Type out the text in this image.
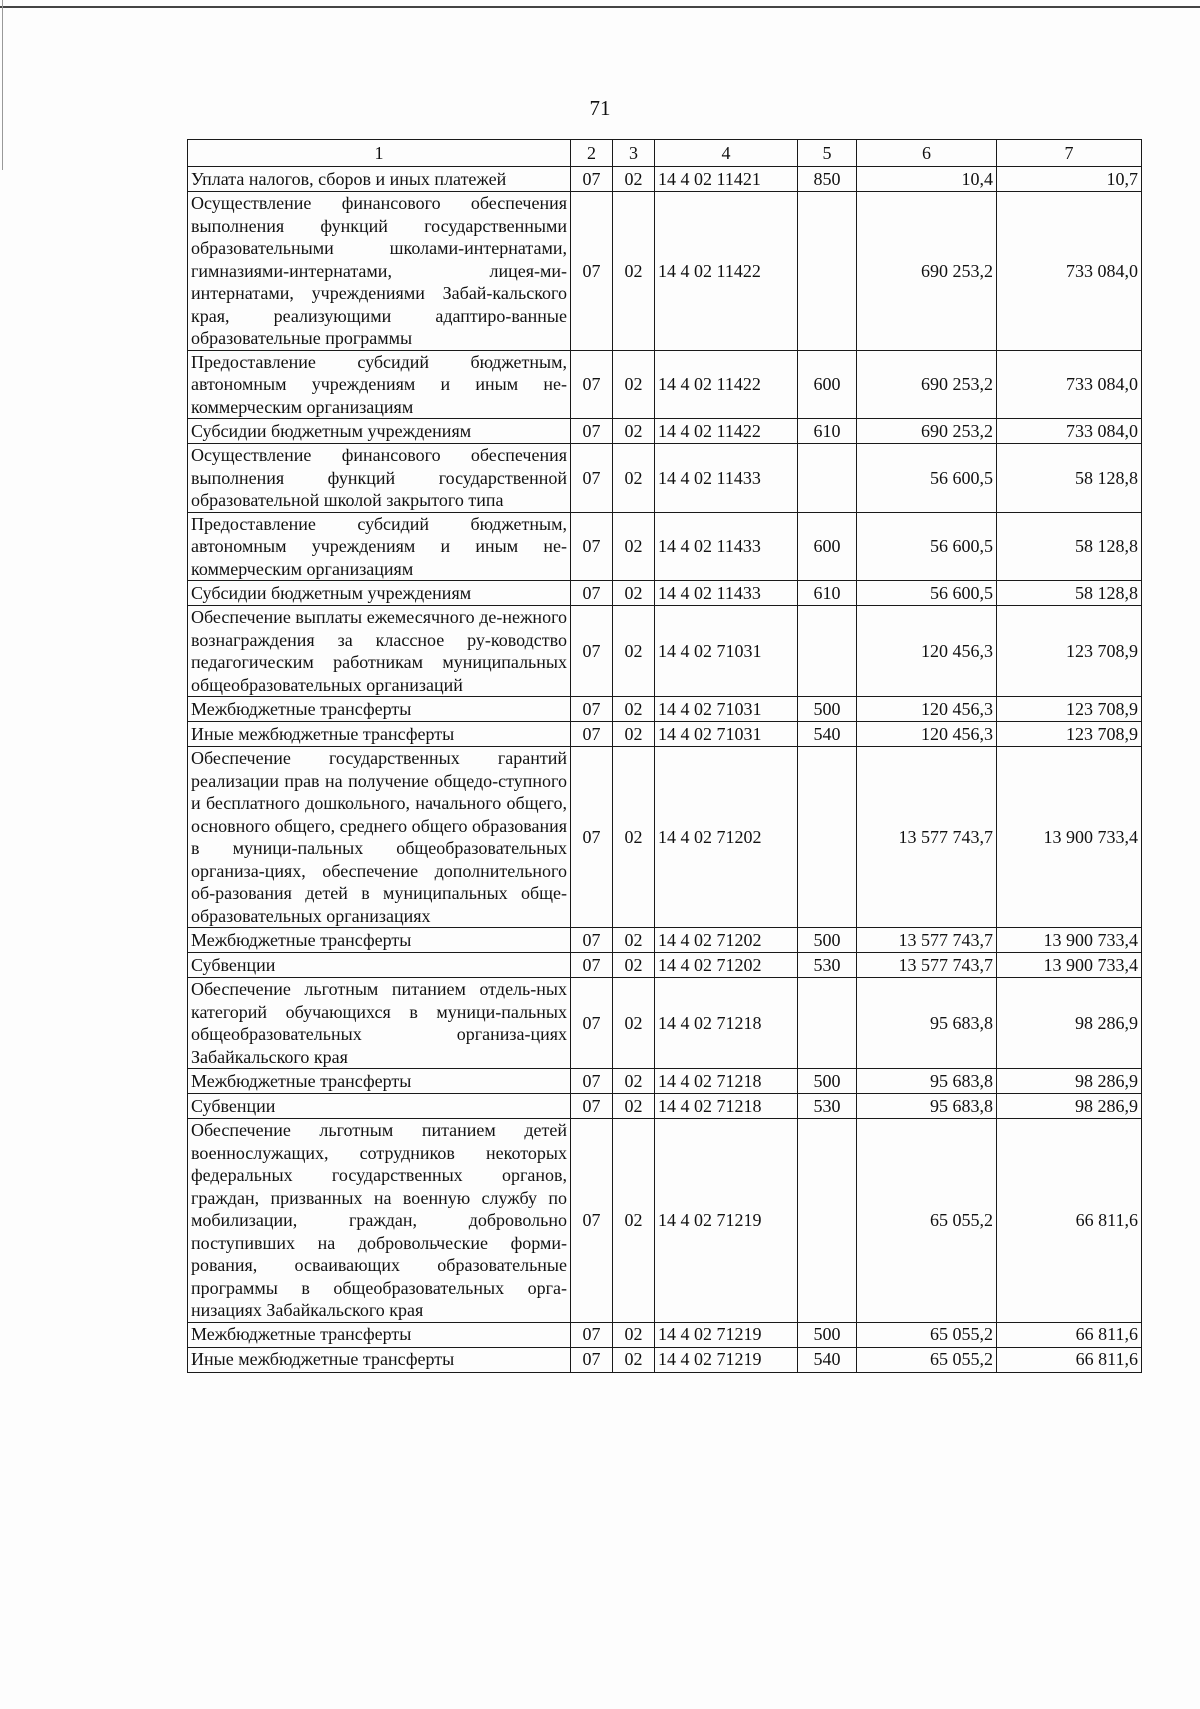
71
1	2	3	4	5	6	7
Уплата налогов, сборов и иных платежей	07	02	14 4 02 11421	850	10,4	10,7
Осуществление финансового обеспечения выполнения функций государственными образовательными школами-интернатами, гимназиями-интернатами, лицея-ми-интернатами, учреждениями Забай-кальского края, реализующими адаптиро-ванные образовательные программы	07	02	14 4 02 11422		690 253,2	733 084,0
Предоставление субсидий бюджетным, автономным учреждениям и иным не-коммерческим организациям	07	02	14 4 02 11422	600	690 253,2	733 084,0
Субсидии бюджетным учреждениям	07	02	14 4 02 11422	610	690 253,2	733 084,0
Осуществление финансового обеспечения выполнения функций государственной образовательной школой закрытого типа	07	02	14 4 02 11433		56 600,5	58 128,8
Предоставление субсидий бюджетным, автономным учреждениям и иным не-коммерческим организациям	07	02	14 4 02 11433	600	56 600,5	58 128,8
Субсидии бюджетным учреждениям	07	02	14 4 02 11433	610	56 600,5	58 128,8
Обеспечение выплаты ежемесячного де-нежного вознаграждения за классное ру-ководство педагогическим работникам муниципальных общеобразовательных организаций	07	02	14 4 02 71031		120 456,3	123 708,9
Межбюджетные трансферты	07	02	14 4 02 71031	500	120 456,3	123 708,9
Иные межбюджетные трансферты	07	02	14 4 02 71031	540	120 456,3	123 708,9
Обеспечение государственных гарантий реализации прав на получение общедо-ступного и бесплатного дошкольного, начального общего, основного общего, среднего общего образования в муници-пальных общеобразовательных организа-циях, обеспечение дополнительного об-разования детей в муниципальных обще-образовательных организациях	07	02	14 4 02 71202		13 577 743,7	13 900 733,4
Межбюджетные трансферты	07	02	14 4 02 71202	500	13 577 743,7	13 900 733,4
Субвенции	07	02	14 4 02 71202	530	13 577 743,7	13 900 733,4
Обеспечение льготным питанием отдель-ных категорий обучающихся в муници-пальных общеобразовательных организа-циях Забайкальского края	07	02	14 4 02 71218		95 683,8	98 286,9
Межбюджетные трансферты	07	02	14 4 02 71218	500	95 683,8	98 286,9
Субвенции	07	02	14 4 02 71218	530	95 683,8	98 286,9
Обеспечение льготным питанием детей военнослужащих, сотрудников некоторых федеральных государственных органов, граждан, призванных на военную службу по мобилизации, граждан, добровольно поступивших на добровольческие форми-рования, осваивающих образовательные программы в общеобразовательных орга-низациях Забайкальского края	07	02	14 4 02 71219		65 055,2	66 811,6
Межбюджетные трансферты	07	02	14 4 02 71219	500	65 055,2	66 811,6
Иные межбюджетные трансферты	07	02	14 4 02 71219	540	65 055,2	66 811,6
